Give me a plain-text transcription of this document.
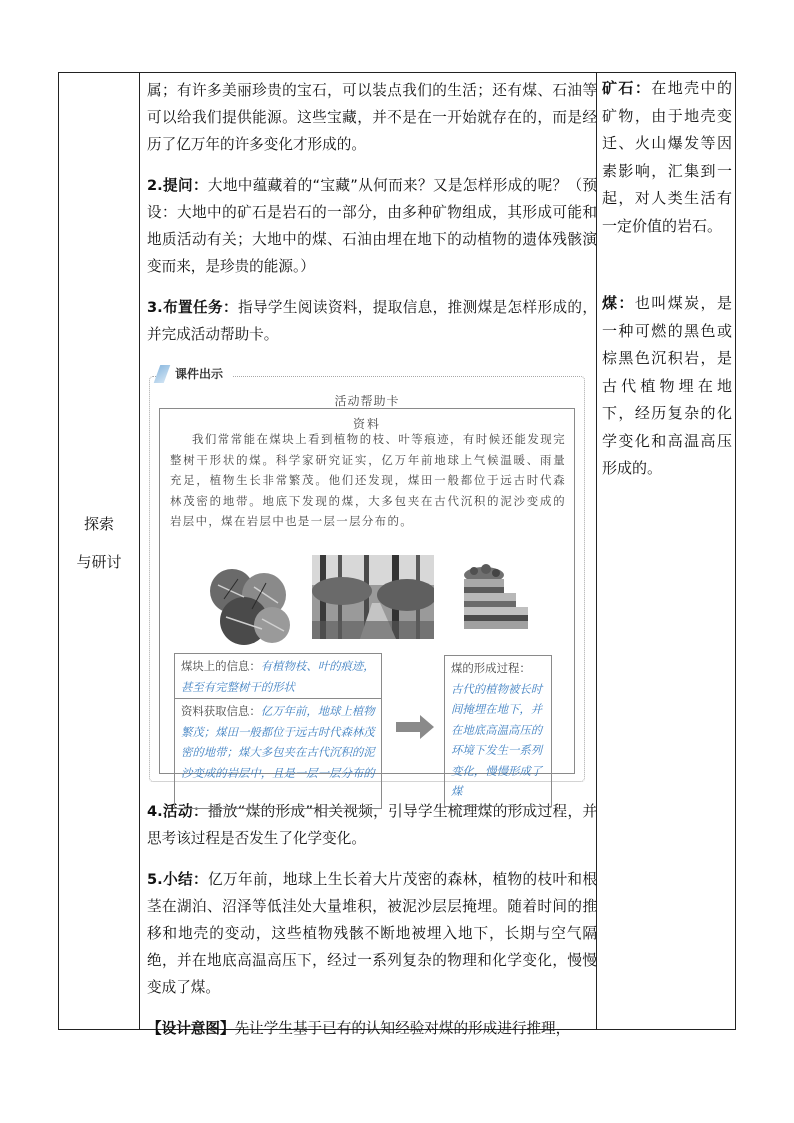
探索
与研讨

属；有许多美丽珍贵的宝石，可以装点我们的生活；还有煤、石油等可以给我们提供能源。这些宝藏，并不是在一开始就存在的，而是经历了亿万年的许多变化才形成的。

2.提问：大地中蕴藏着的“宝藏”从何而来？又是怎样形成的呢？（预设：大地中的矿石是岩石的一部分，由多种矿物组成，其形成可能和地质活动有关；大地中的煤、石油由埋在地下的动植物的遗体残骸演变而来，是珍贵的能源。）

3.布置任务：指导学生阅读资料，提取信息，推测煤是怎样形成的，并完成活动帮助卡。

课件出示
活动帮助卡
资料
我们常常能在煤块上看到植物的枝、叶等痕迹，有时候还能发现完整树干形状的煤。科学家研究证实，亿万年前地球上气候温暖、雨量充足，植物生长非常繁茂。他们还发现，煤田一般都位于远古时代森林茂密的地带。地底下发现的煤，大多包夹在古代沉积的泥沙变成的岩层中，煤在岩层中也是一层一层分布的。
煤块上的信息：有植物枝、叶的痕迹，甚至有完整树干的形状
资料获取信息：亿万年前，地球上植物繁茂；煤田一般都位于远古时代森林茂密的地带；煤大多包夹在古代沉积的泥沙变成的岩层中，且是一层一层分布的
煤的形成过程：
古代的植物被长时间掩埋在地下，并在地底高温高压的环境下发生一系列变化，慢慢形成了煤

4.活动：播放“煤的形成”相关视频，引导学生梳理煤的形成过程，并思考该过程是否发生了化学变化。

5.小结：亿万年前，地球上生长着大片茂密的森林，植物的枝叶和根茎在湖泊、沼泽等低洼处大量堆积，被泥沙层层掩埋。随着时间的推移和地壳的变动，这些植物残骸不断地被埋入地下，长期与空气隔绝，并在地底高温高压下，经过一系列复杂的物理和化学变化，慢慢变成了煤。

【设计意图】先让学生基于已有的认知经验对煤的形成进行推理，

矿石：在地壳中的矿物，由于地壳变迁、火山爆发等因素影响，汇集到一起，对人类生活有一定价值的岩石。

煤：也叫煤炭，是一种可燃的黑色或棕黑色沉积岩，是古代植物埋在地下，经历复杂的化学变化和高温高压形成的。
